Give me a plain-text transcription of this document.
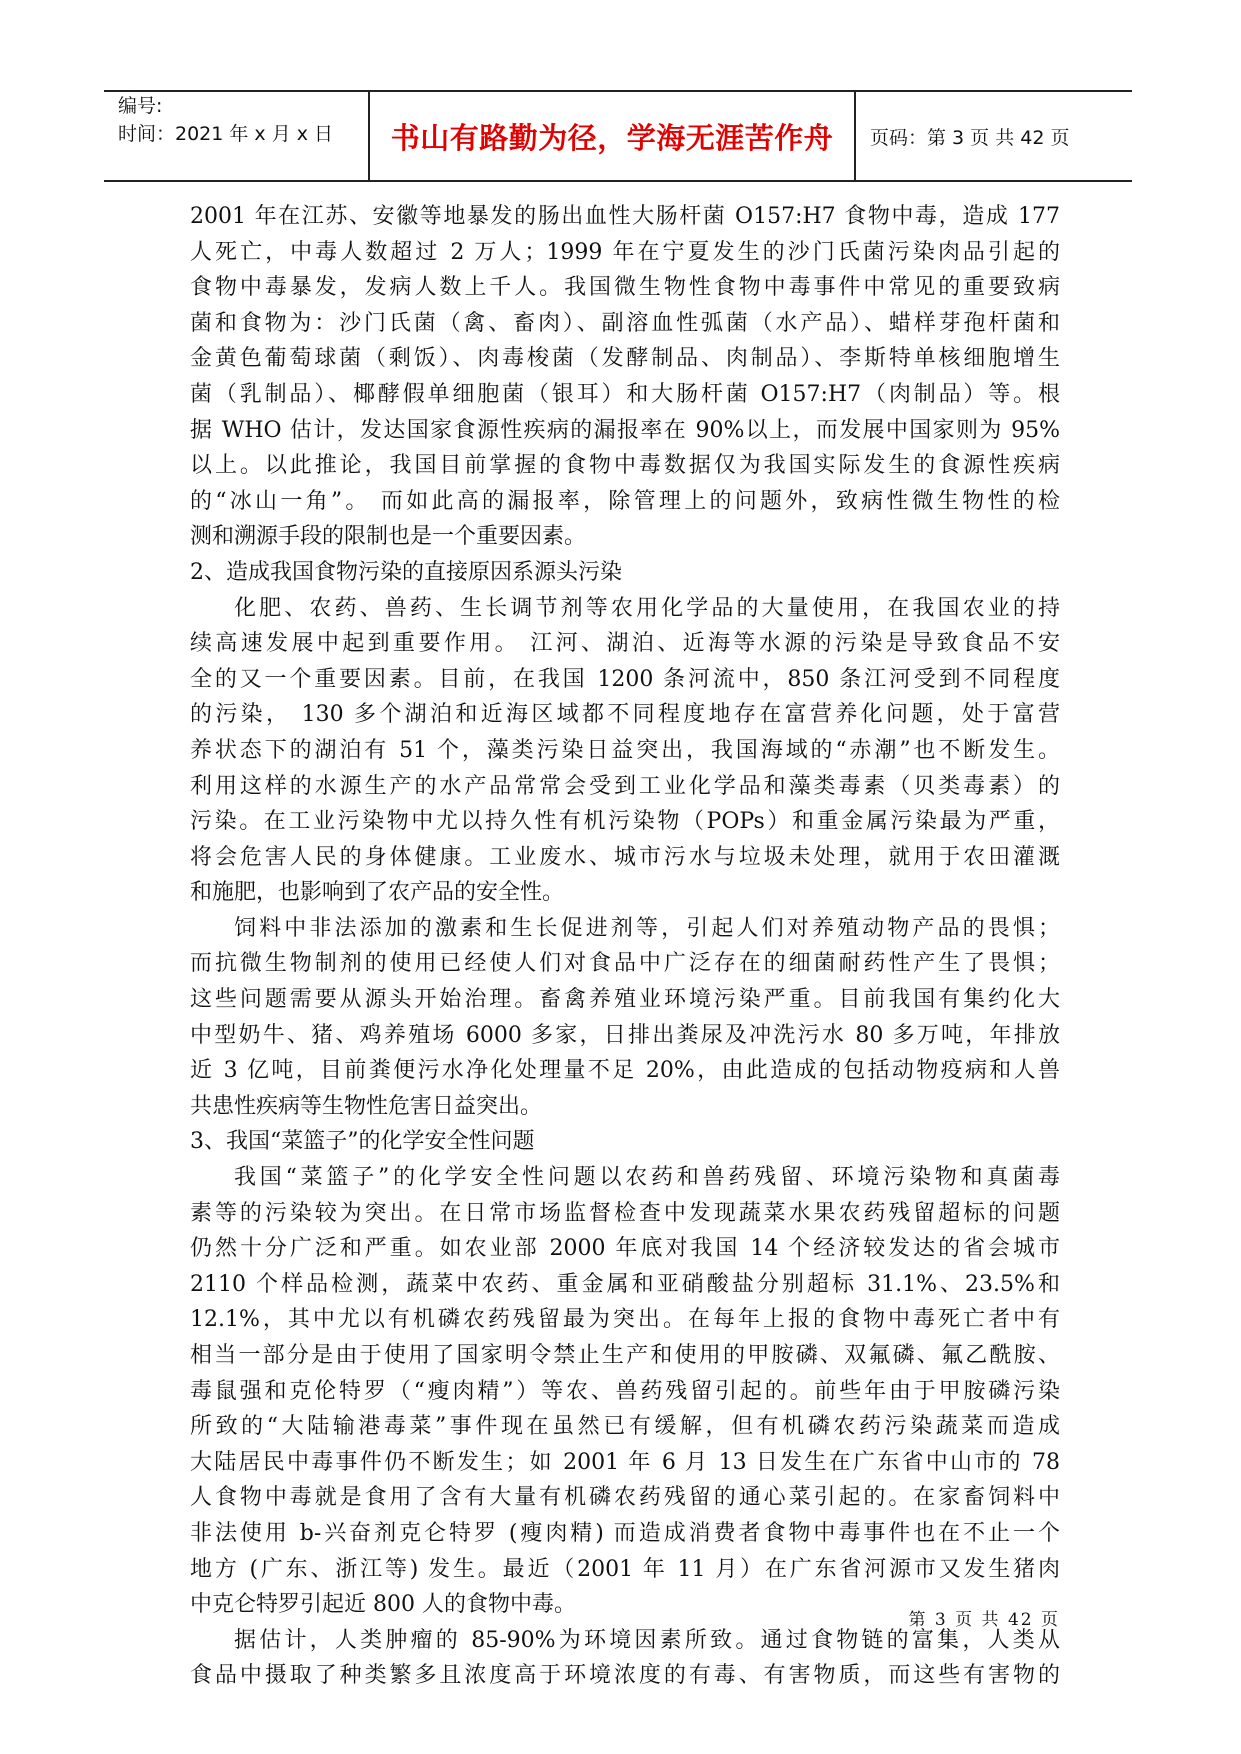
编号:
时间：2021 年 x 月 x 日	书山有路勤为径，学海无涯苦作舟	页码：第 3 页 共 42 页
2001 年在江苏、安徽等地暴发的肠出血性大肠杆菌 O157:H7 食物中毒，造成 177
人死亡，中毒人数超过 2 万人；1999 年在宁夏发生的沙门氏菌污染肉品引起的
食物中毒暴发，发病人数上千人。我国微生物性食物中毒事件中常见的重要致病
菌和食物为：沙门氏菌（禽、畜肉）、副溶血性弧菌（水产品）、蜡样芽孢杆菌和
金黄色葡萄球菌（剩饭）、肉毒梭菌（发酵制品、肉制品）、李斯特单核细胞增生
菌（乳制品）、椰酵假单细胞菌（银耳）和大肠杆菌 O157:H7（肉制品）等。根
据 WHO 估计，发达国家食源性疾病的漏报率在 90%以上，而发展中国家则为 95%
以上。以此推论，我国目前掌握的食物中毒数据仅为我国实际发生的食源性疾病
的“冰山一角”。 而如此高的漏报率，除管理上的问题外，致病性微生物性的检
测和溯源手段的限制也是一个重要因素。
2、造成我国食物污染的直接原因系源头污染
化肥、农药、兽药、生长调节剂等农用化学品的大量使用，在我国农业的持
续高速发展中起到重要作用。 江河、湖泊、近海等水源的污染是导致食品不安
全的又一个重要因素。目前，在我国 1200 条河流中，850 条江河受到不同程度
的污染， 130 多个湖泊和近海区域都不同程度地存在富营养化问题，处于富营
养状态下的湖泊有 51 个，藻类污染日益突出，我国海域的“赤潮”也不断发生。
利用这样的水源生产的水产品常常会受到工业化学品和藻类毒素（贝类毒素）的
污染。在工业污染物中尤以持久性有机污染物（POPs）和重金属污染最为严重，
将会危害人民的身体健康。工业废水、城市污水与垃圾未处理，就用于农田灌溉
和施肥，也影响到了农产品的安全性。
饲料中非法添加的激素和生长促进剂等，引起人们对养殖动物产品的畏惧；
而抗微生物制剂的使用已经使人们对食品中广泛存在的细菌耐药性产生了畏惧；
这些问题需要从源头开始治理。畜禽养殖业环境污染严重。目前我国有集约化大
中型奶牛、猪、鸡养殖场 6000 多家，日排出粪尿及冲洗污水 80 多万吨，年排放
近 3 亿吨，目前粪便污水净化处理量不足 20%，由此造成的包括动物疫病和人兽
共患性疾病等生物性危害日益突出。
3、我国“菜篮子”的化学安全性问题
我国“菜篮子”的化学安全性问题以农药和兽药残留、环境污染物和真菌毒
素等的污染较为突出。在日常市场监督检查中发现蔬菜水果农药残留超标的问题
仍然十分广泛和严重。如农业部 2000 年底对我国 14 个经济较发达的省会城市
2110 个样品检测，蔬菜中农药、重金属和亚硝酸盐分别超标 31.1%、23.5%和
12.1%，其中尤以有机磷农药残留最为突出。在每年上报的食物中毒死亡者中有
相当一部分是由于使用了国家明令禁止生产和使用的甲胺磷、双氟磷、氟乙酰胺、
毒鼠强和克伦特罗（“瘦肉精”）等农、兽药残留引起的。前些年由于甲胺磷污染
所致的“大陆输港毒菜”事件现在虽然已有缓解，但有机磷农药污染蔬菜而造成
大陆居民中毒事件仍不断发生；如 2001 年 6 月 13 日发生在广东省中山市的 78
人食物中毒就是食用了含有大量有机磷农药残留的通心菜引起的。在家畜饲料中
非法使用 b-兴奋剂克仑特罗 (瘦肉精) 而造成消费者食物中毒事件也在不止一个
地方 (广东、浙江等) 发生。最近（2001 年 11 月）在广东省河源市又发生猪肉
中克仑特罗引起近 800 人的食物中毒。
据估计，人类肿瘤的 85-90%为环境因素所致。通过食物链的富集，人类从
食品中摄取了种类繁多且浓度高于环境浓度的有毒、有害物质，而这些有害物的
第 3 页 共 42 页
